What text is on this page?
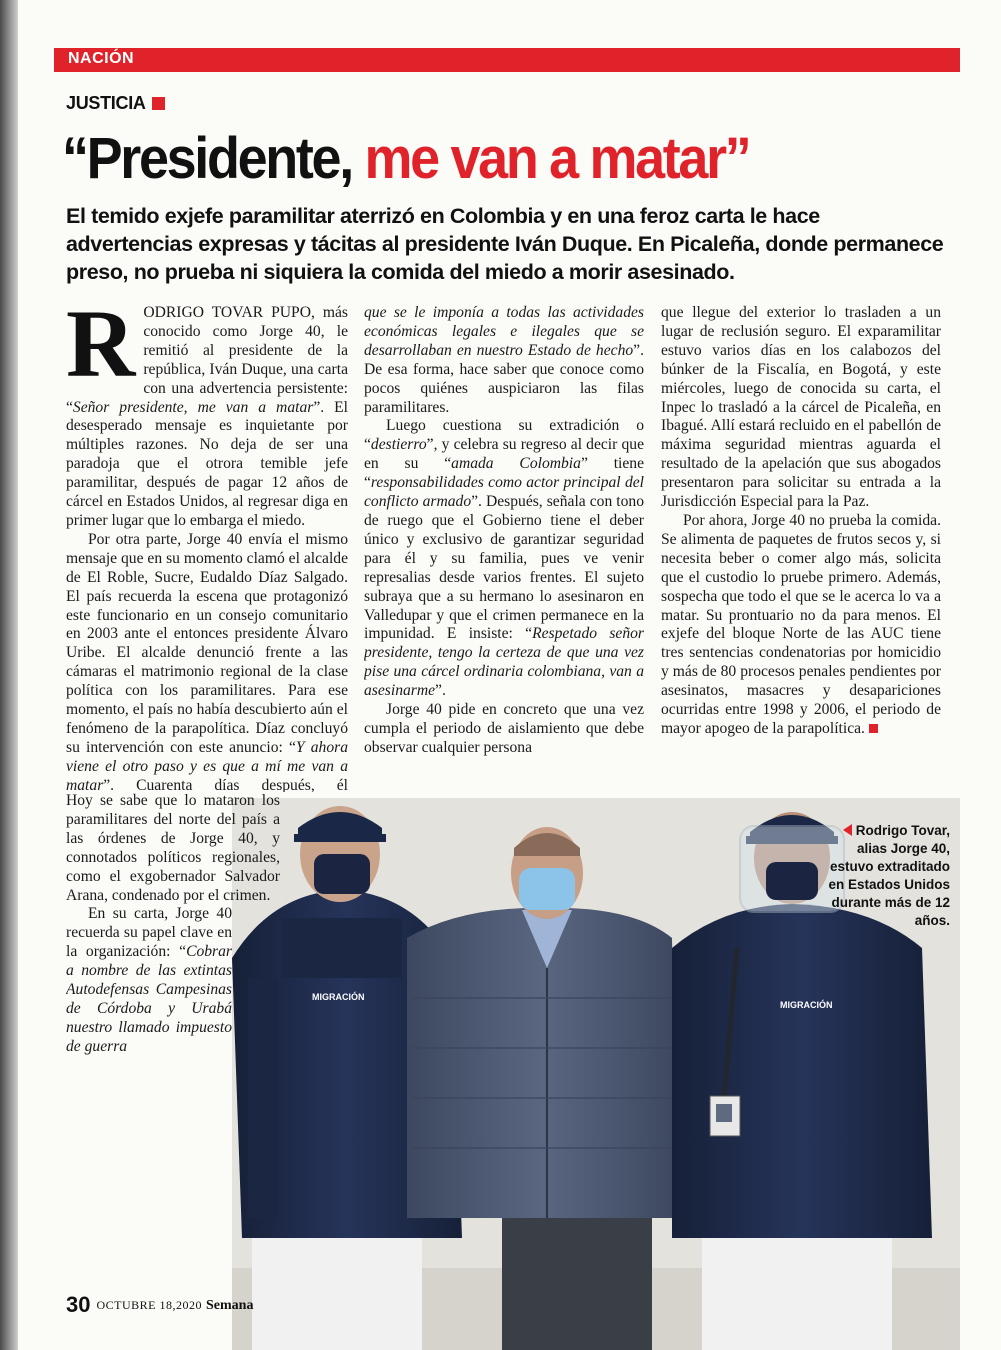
NACIÓN
JUSTICIA
“Presidente, me van a matar”
El temido exjefe paramilitar aterrizó en Colombia y en una feroz carta le hace advertencias expresas y tácitas al presidente Iván Duque. En Picaleña, donde permanece preso, no prueba ni siquiera la comida del miedo a morir asesinado.

RODRIGO TOVAR PUPO, más conocido como Jorge 40, le remitió al presidente de la república, Iván Duque, una carta con una advertencia persistente: “Señor presidente, me van a matar”. El desesperado mensaje es inquietante por múltiples razones. No deja de ser una paradoja que el otrora temible jefe paramilitar, después de pagar 12 años de cárcel en Estados Unidos, al regresar diga en primer lugar que lo embarga el miedo.

Por otra parte, Jorge 40 envía el mismo mensaje que en su momento clamó el alcalde de El Roble, Sucre, Eudaldo Díaz Salgado. El país recuerda la escena que protagonizó este funcionario en un consejo comunitario en 2003 ante el entonces presidente Álvaro Uribe. El alcalde denunció frente a las cámaras el matrimonio regional de la clase política con los paramilitares. Para ese momento, el país no había descubierto aún el fenómeno de la parapolítica. Díaz concluyó su intervención con este anuncio: “Y ahora viene el otro paso y es que a mí me van a matar”. Cuarenta días después, él

que se le imponía a todas las actividades económicas legales e ilegales que se desarrollaban en nuestro Estado de hecho”. De esa forma, hace saber que conoce como pocos quiénes auspiciaron las filas paramilitares.

Luego cuestiona su extradición o “destierro”, y celebra su regreso al decir que en su “amada Colombia” tiene “responsabilidades como actor principal del conflicto armado”. Después, señala con tono de ruego que el Gobierno tiene el deber único y exclusivo de garantizar seguridad para él y su familia, pues ve venir represalias desde varios frentes. El sujeto subraya que a su hermano lo asesinaron en Valledupar y que el crimen permanece en la impunidad. E insiste: “Respetado señor presidente, tengo la certeza de que una vez pise una cárcel ordinaria colombiana, van a asesinarme”.

Jorge 40 pide en concreto que una vez cumpla el periodo de aislamiento que debe observar cualquier persona

que llegue del exterior lo trasladen a un lugar de reclusión seguro. El exparamilitar estuvo varios días en los calabozos del búnker de la Fiscalía, en Bogotá, y este miércoles, luego de conocida su carta, el Inpec lo trasladó a la cárcel de Picaleña, en Ibagué. Allí estará recluido en el pabellón de máxima seguridad mientras aguarda el resultado de la apelación que sus abogados presentaron para solicitar su entrada a la Jurisdicción Especial para la Paz.

Por ahora, Jorge 40 no prueba la comida. Se alimenta de paquetes de frutos secos y, si necesita beber o comer algo más, solicita que el custodio lo pruebe primero. Además, sospecha que todo el que se le acerca lo va a matar. Su prontuario no da para menos. El exjefe del bloque Norte de las AUC tiene tres sentencias condenatorias por homicidio y más de 80 procesos penales pendientes por asesinatos, masacres y desapariciones ocurridas entre 1998 y 2006, el periodo de mayor apogeo de la parapolítica.

MIGRACIÓN
MIGRACIÓN

Hoy se sabe que lo mataron los paramilitares del norte del país a las órdenes de Jorge 40, y connotados políticos regionales, como el exgobernador Salvador Arana, condenado por el crimen.

En su carta, Jorge 40 recuerda su papel clave en la organización: “Cobrar a nombre de las extintas Autodefensas Campesinas de Córdoba y Urabá nuestro llamado impuesto de guerra

Rodrigo Tovar, alias Jorge 40, estuvo extraditado en Estados Unidos durante más de 12 años.
30 OCTUBRE 18,2020 Semana
